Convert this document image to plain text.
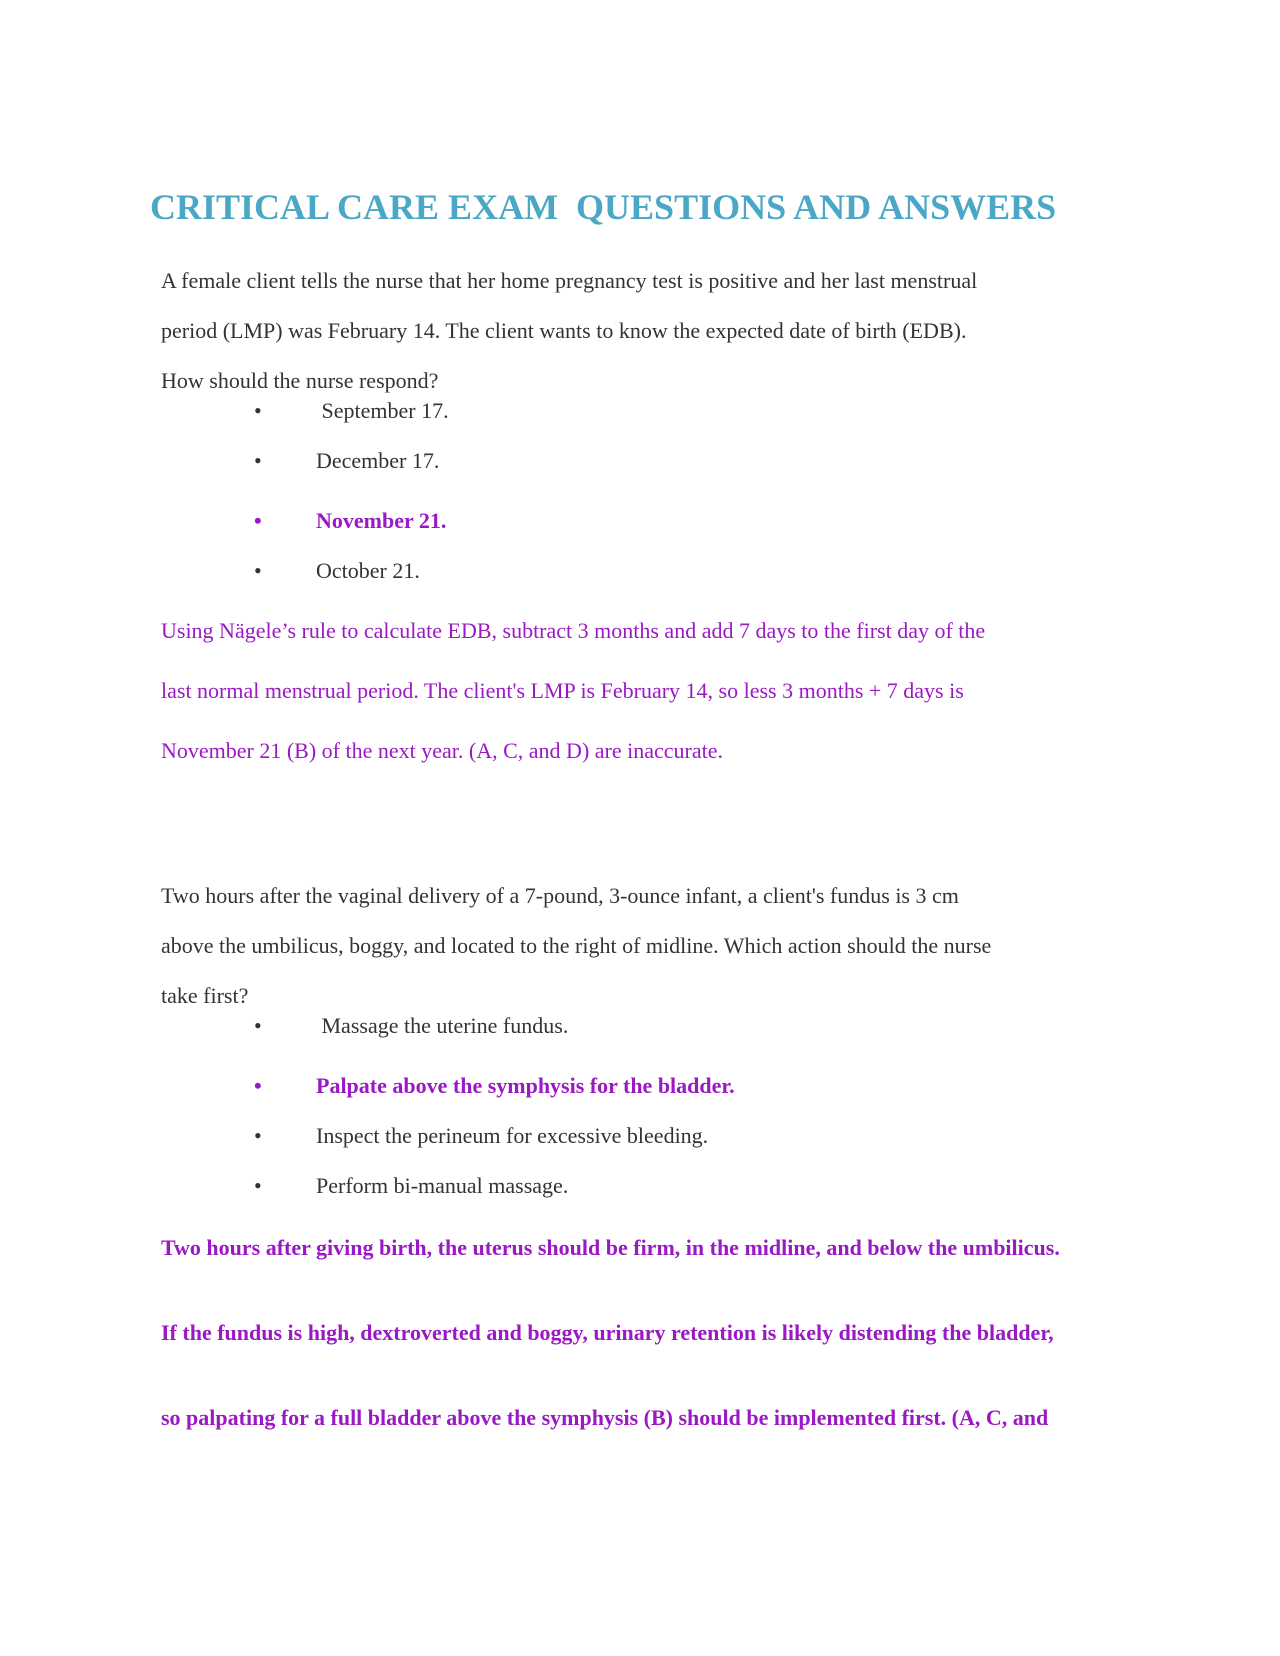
CRITICAL CARE EXAM  QUESTIONS AND ANSWERS
A female client tells the nurse that her home pregnancy test is positive and her last menstrual
period (LMP) was February 14. The client wants to know the expected date of birth (EDB).
How should the nurse respond?
• September 17.
• December 17.
• November 21.
• October 21.
Using Nägele’s rule to calculate EDB, subtract 3 months and add 7 days to the first day of the
last normal menstrual period. The client's LMP is February 14, so less 3 months + 7 days is
November 21 (B) of the next year. (A, C, and D) are inaccurate.
Two hours after the vaginal delivery of a 7-pound, 3-ounce infant, a client's fundus is 3 cm
above the umbilicus, boggy, and located to the right of midline. Which action should the nurse
take first?
• Massage the uterine fundus.
• Palpate above the symphysis for the bladder.
• Inspect the perineum for excessive bleeding.
• Perform bi-manual massage.
Two hours after giving birth, the uterus should be firm, in the midline, and below the umbilicus.
If the fundus is high, dextroverted and boggy, urinary retention is likely distending the bladder,
so palpating for a full bladder above the symphysis (B) should be implemented first. (A, C, and
